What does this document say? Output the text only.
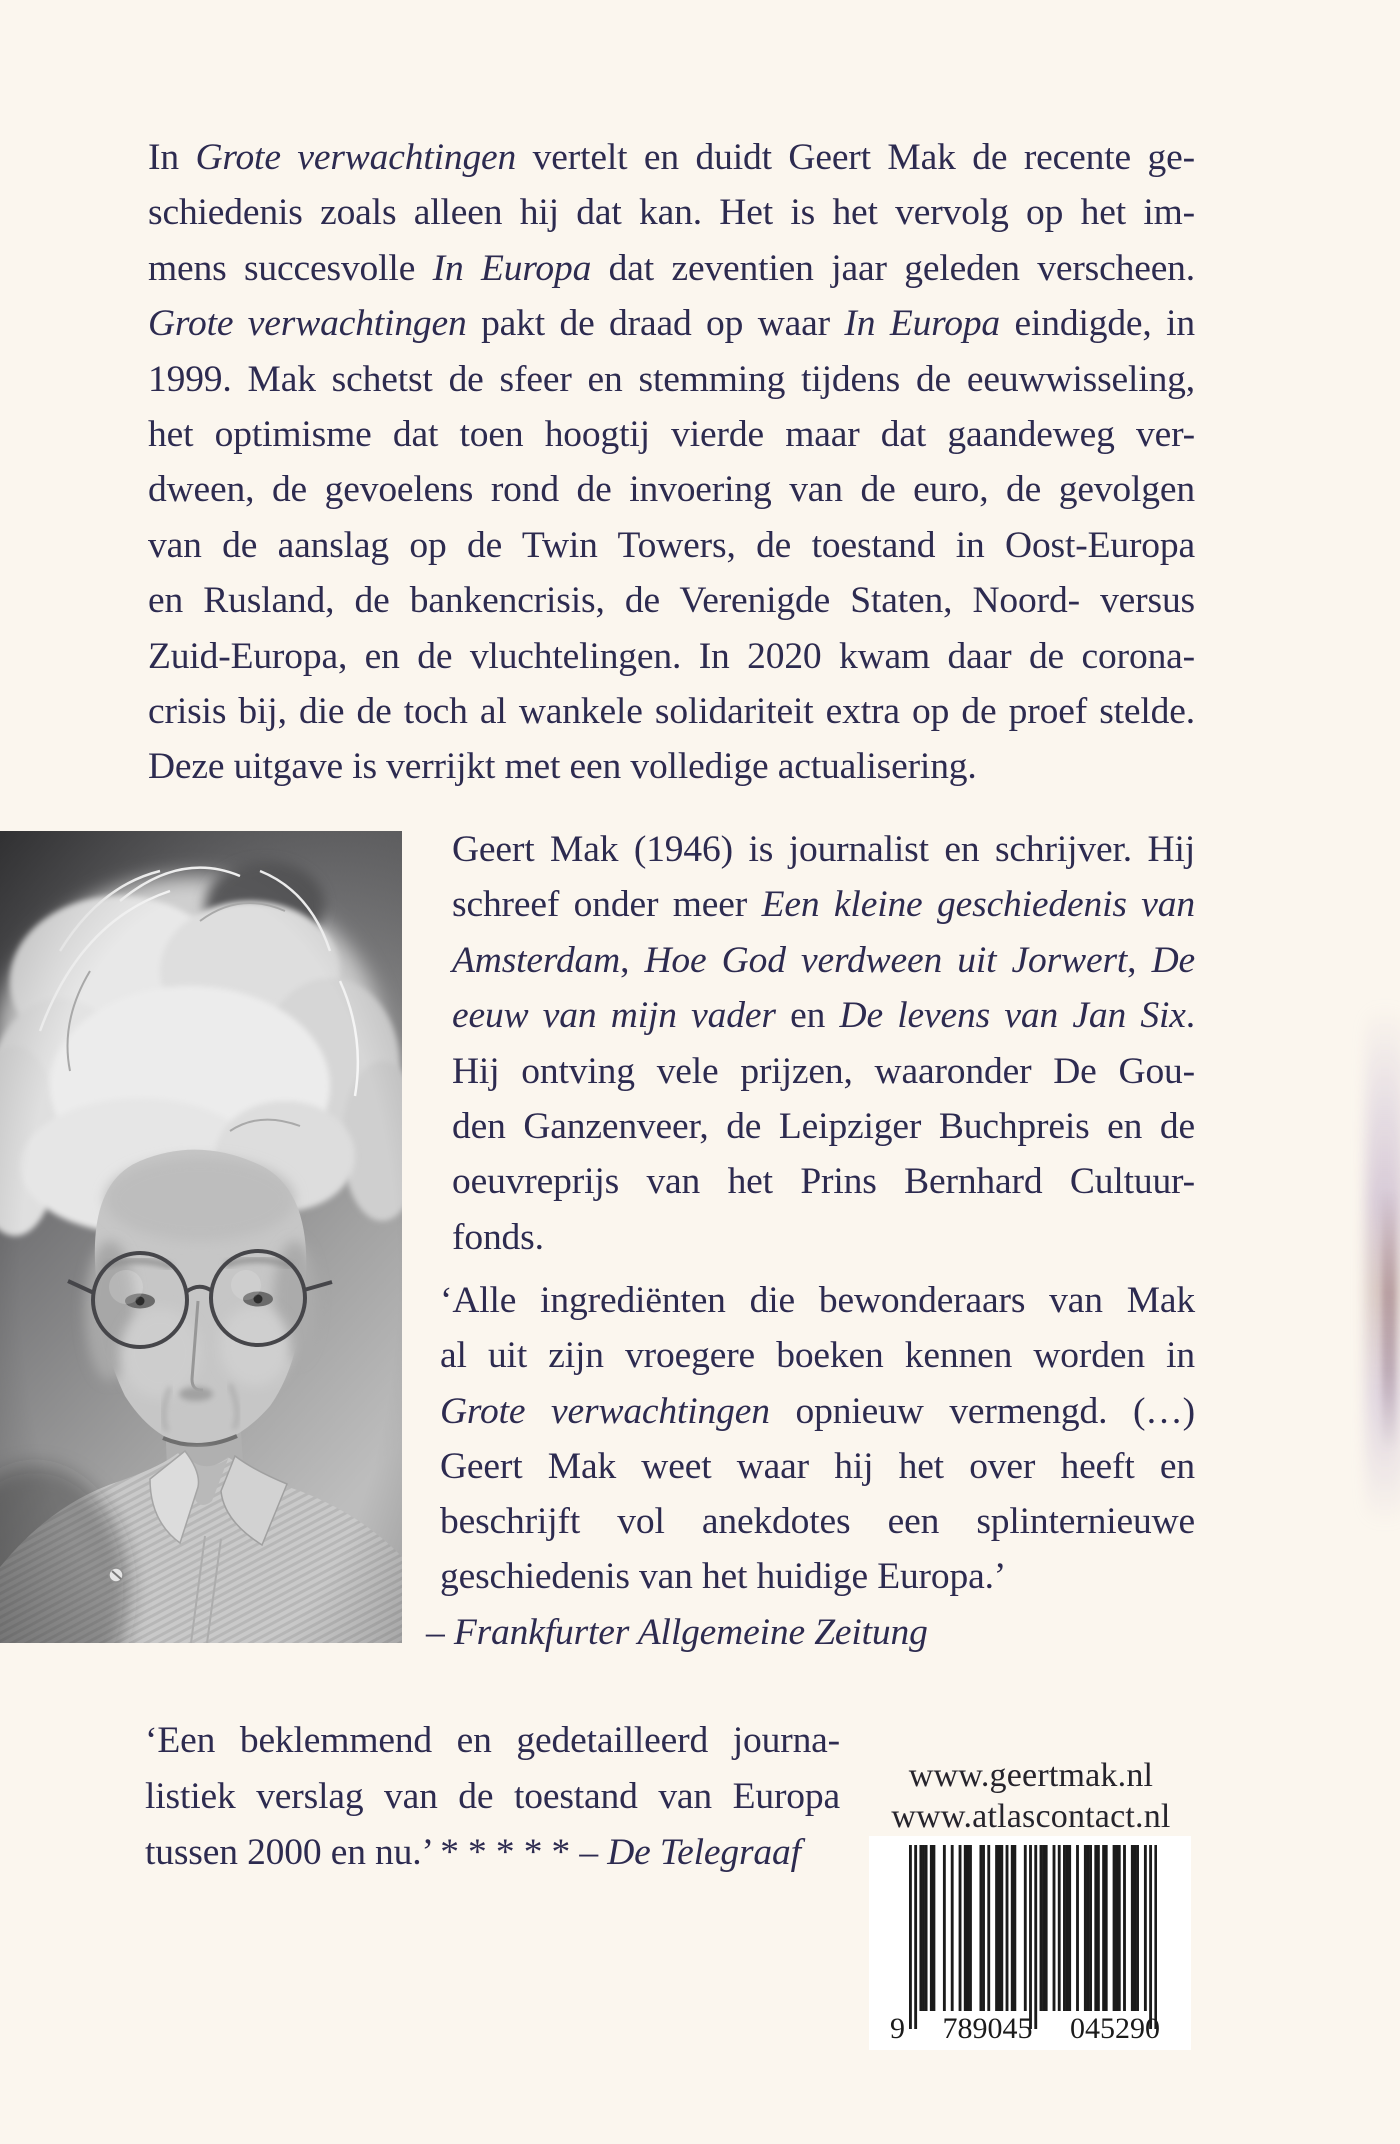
In Grote verwachtingen vertelt en duidt Geert Mak de recente ge-
schiedenis zoals alleen hij dat kan. Het is het vervolg op het im-
mens succesvolle In Europa dat zeventien jaar geleden verscheen.
Grote verwachtingen pakt de draad op waar In Europa eindigde, in
1999. Mak schetst de sfeer en stemming tijdens de eeuwwisseling,
het optimisme dat toen hoogtij vierde maar dat gaandeweg ver-
dween, de gevoelens rond de invoering van de euro, de gevolgen
van de aanslag op de Twin Towers, de toestand in Oost-Europa
en Rusland, de bankencrisis, de Verenigde Staten, Noord- versus
Zuid-Europa, en de vluchtelingen. In 2020 kwam daar de corona-
crisis bij, die de toch al wankele solidariteit extra op de proef stelde.
Deze uitgave is verrijkt met een volledige actualisering.
Geert Mak (1946) is journalist en schrijver. Hij
schreef onder meer Een kleine geschiedenis van
Amsterdam, Hoe God verdween uit Jorwert, De
eeuw van mijn vader en De levens van Jan Six.
Hij ontving vele prijzen, waaronder De Gou-
den Ganzenveer, de Leipziger Buchpreis en de
oeuvreprijs van het Prins Bernhard Cultuur-
fonds.
‘Alle ingrediënten die bewonderaars van Mak
al uit zijn vroegere boeken kennen worden in
Grote verwachtingen opnieuw vermengd. (…)
Geert Mak weet waar hij het over heeft en
beschrijft vol anekdotes een splinternieuwe
geschiedenis van het huidige Europa.’
– Frankfurter Allgemeine Zeitung
‘Een beklemmend en gedetailleerd journa-
listiek verslag van de toestand van Europa
tussen 2000 en nu.’ * * * * * – De Telegraaf
www.geertmak.nl
www.atlascontact.nl
9 789045 045290
